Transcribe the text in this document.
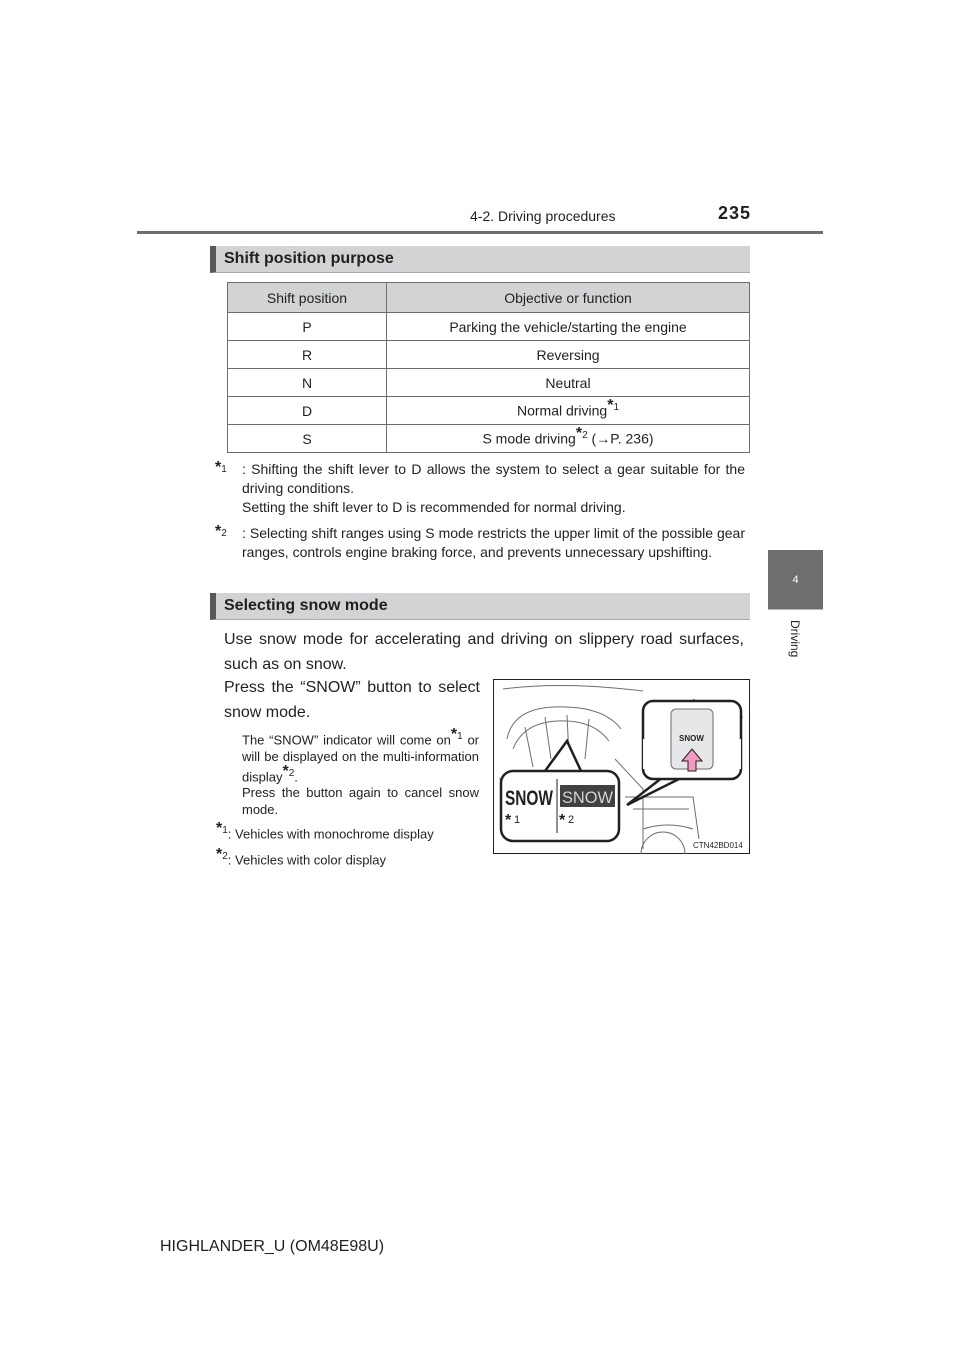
4-2. Driving procedures	235
4
Driving
Shift position purpose
Shift position	Objective or function
P	Parking the vehicle/starting the engine
R	Reversing
N	Neutral
D	Normal driving*$^1$
S	S mode driving*$^2$ (→P. 236)
*$^1$	: Shifting the shift lever to D allows the system to select a gear suitable for the driving conditions.
Setting the shift lever to D is recommended for normal driving.
*$^2$	: Selecting shift ranges using S mode restricts the upper limit of the possible gear ranges, controls engine braking force, and prevents unnecessary upshifting.
Selecting snow mode
Use snow mode for accelerating and driving on slippery road surfaces, such as on snow.
Press the “SNOW” button to select snow mode.
The “SNOW” indicator will come on*$^1$ or will be displayed on the multi-information display*$^2$.
Press the button again to cancel snow mode.
*$^1$: Vehicles with monochrome display
*$^2$: Vehicles with color display
SNOW SNOW
* 1 * 2
SNOW
CTN42BD014
HIGHLANDER_U (OM48E98U)
